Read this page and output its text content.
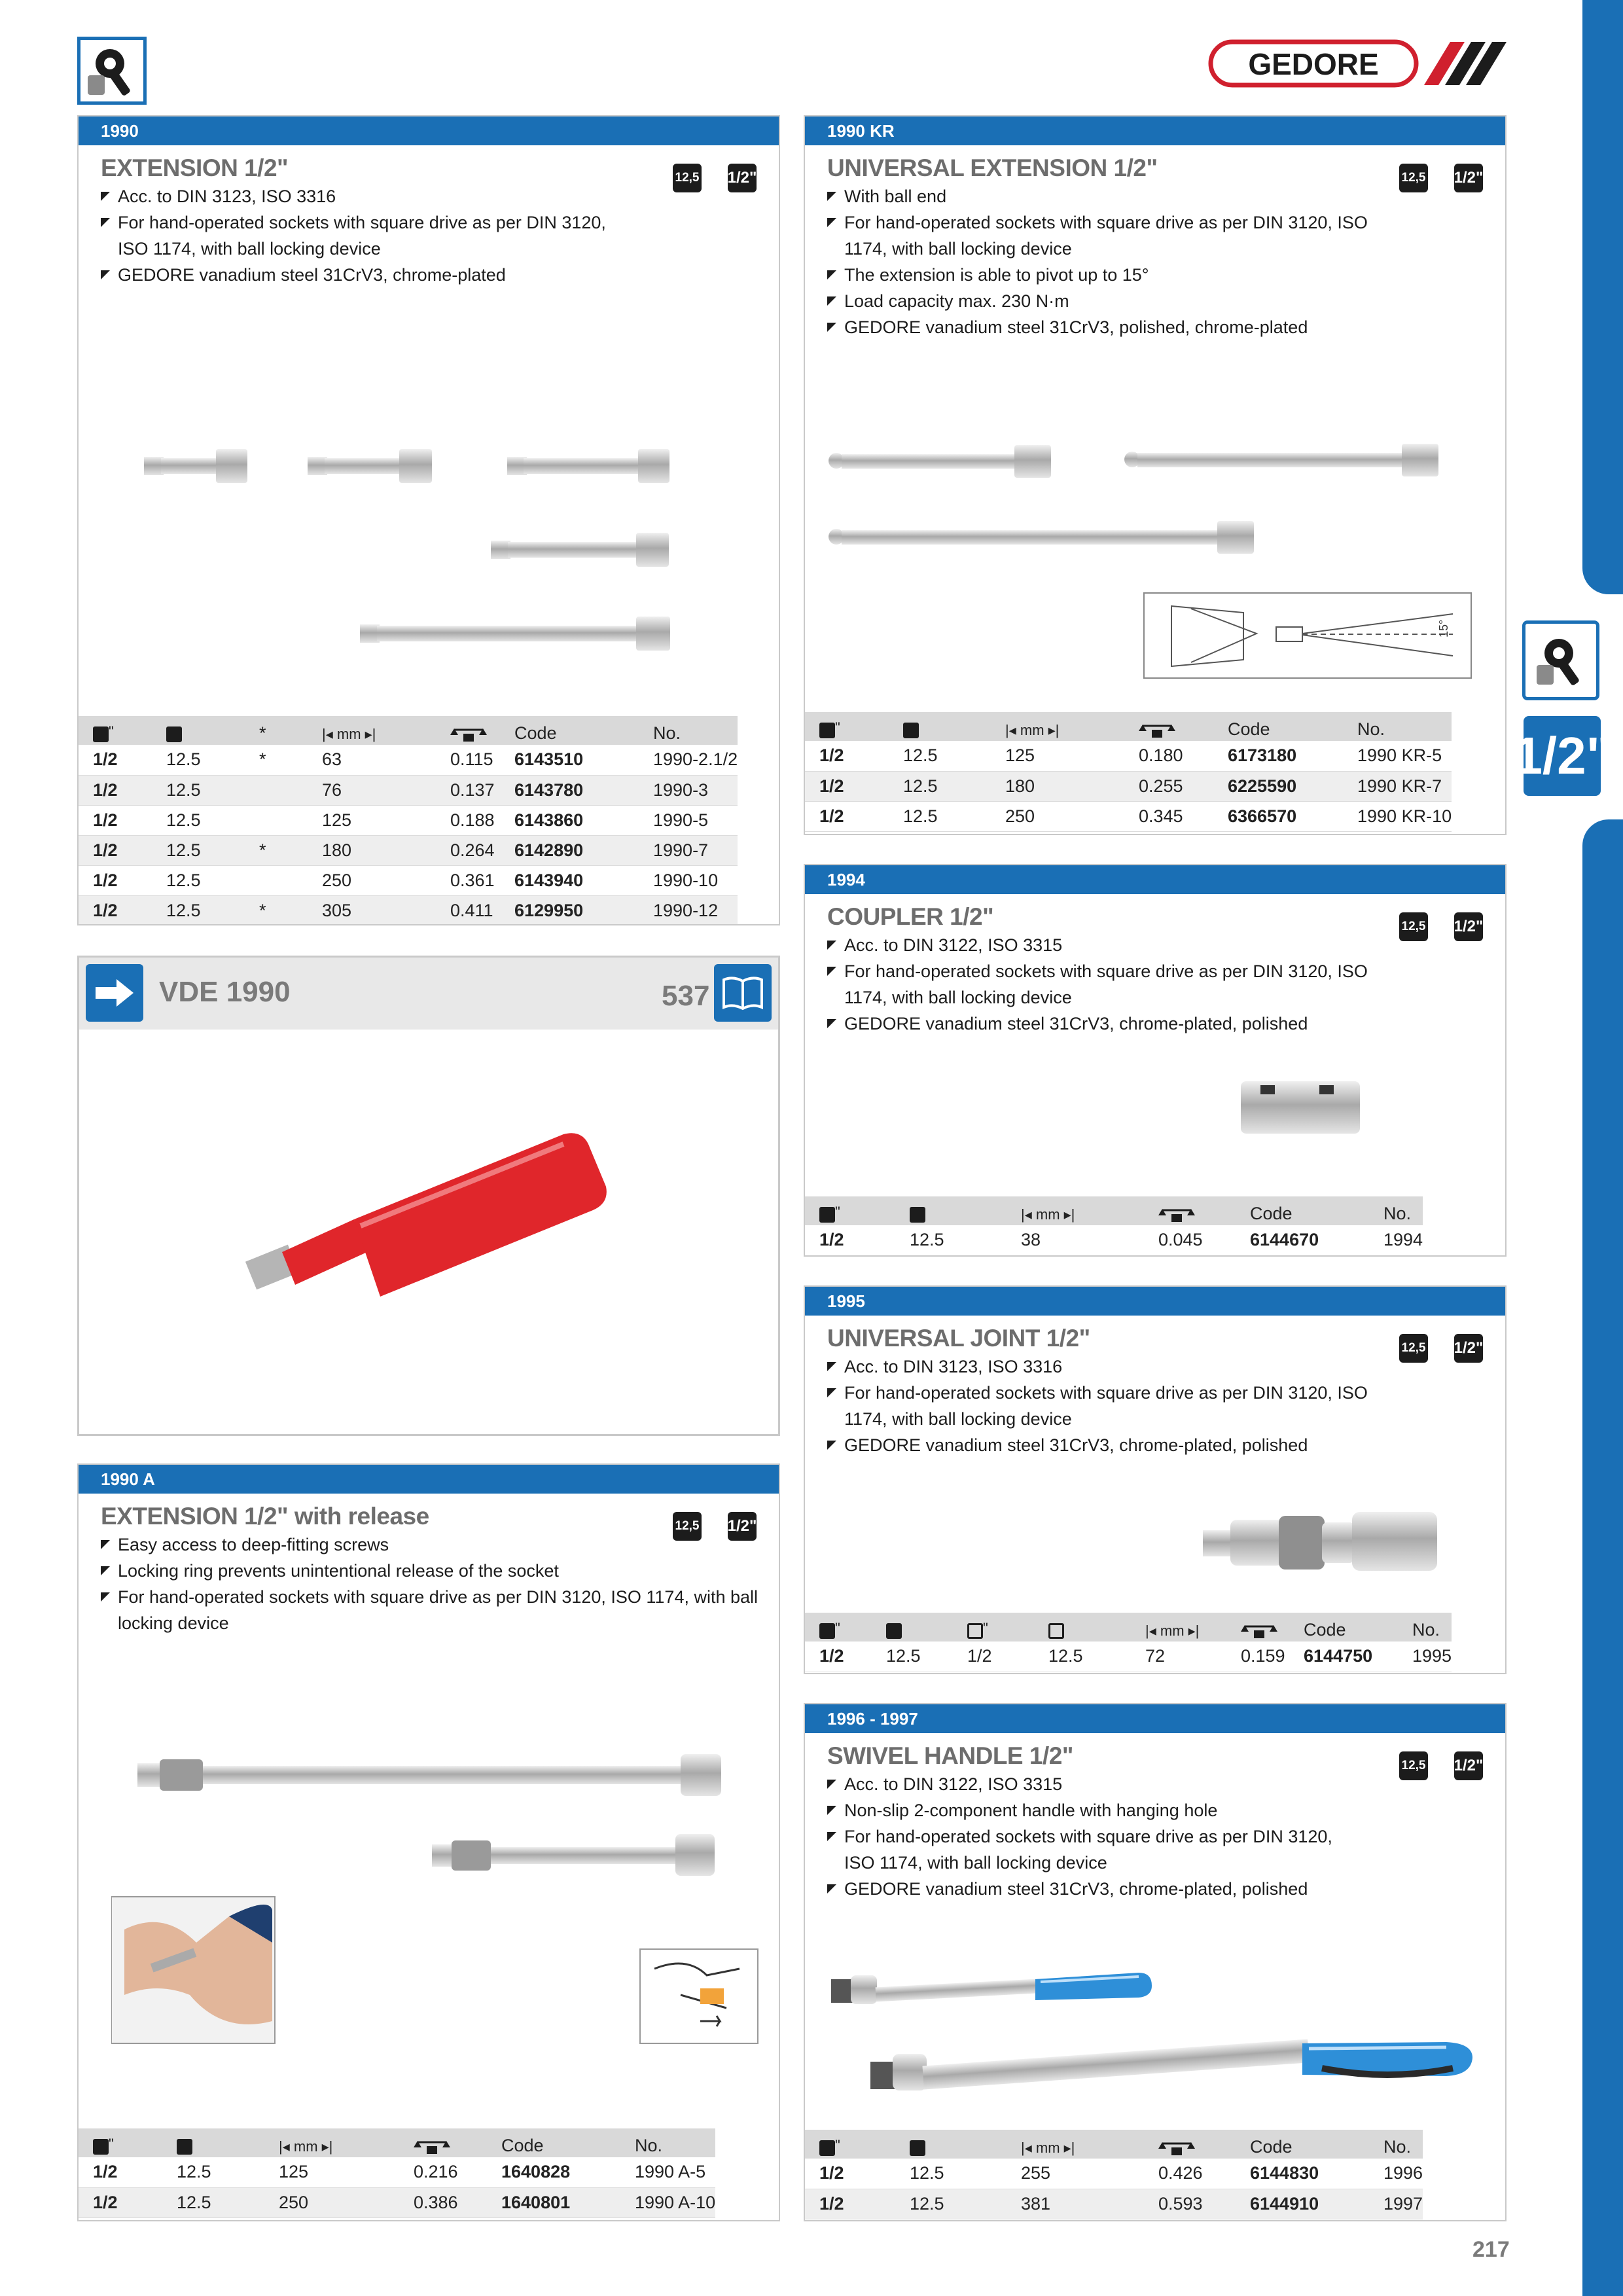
1/2"
GEDORE
1990
EXTENSION 1/2"
Acc. to DIN 3123, ISO 3316
For hand-operated sockets with square drive as per DIN 3120,
ISO 1174, with ball locking device
GEDORE vanadium steel 31CrV3, chrome-plated
12,5 1/2"
"		*	|◂ mm ▸|		Code	No.
1/2	12.5	*	63	0.115	6143510	1990-2.1/2
1/2	12.5		76	0.137	6143780	1990-3
1/2	12.5		125	0.188	6143860	1990-5
1/2	12.5	*	180	0.264	6142890	1990-7
1/2	12.5		250	0.361	6143940	1990-10
1/2	12.5	*	305	0.411	6129950	1990-12
1990 KR
UNIVERSAL EXTENSION 1/2"
With ball end
For hand-operated sockets with square drive as per DIN 3120, ISO
1174, with ball locking device
The extension is able to pivot up to 15°
Load capacity max. 230 N·m
GEDORE vanadium steel 31CrV3, polished, chrome-plated
12,5 1/2"
15°
"		|◂ mm ▸|		Code	No.
1/2	12.5	125	0.180	6173180	1990 KR-5
1/2	12.5	180	0.255	6225590	1990 KR-7
1/2	12.5	250	0.345	6366570	1990 KR-10
VDE 1990	537
1990 A
EXTENSION 1/2" with release
Easy access to deep-fitting screws
Locking ring prevents unintentional release of the socket
For hand-operated sockets with square drive as per DIN 3120, ISO 1174, with ball locking device
12,5 1/2"
"		|◂ mm ▸|		Code	No.
1/2	12.5	125	0.216	1640828	1990 A-5
1/2	12.5	250	0.386	1640801	1990 A-10
1994
COUPLER 1/2"
Acc. to DIN 3122, ISO 3315
For hand-operated sockets with square drive as per DIN 3120, ISO
1174, with ball locking device
GEDORE vanadium steel 31CrV3, chrome-plated, polished
12,5 1/2"
"		|◂ mm ▸|		Code	No.
1/2	12.5	38	0.045	6144670	1994
1995
UNIVERSAL JOINT 1/2"
Acc. to DIN 3123, ISO 3316
For hand-operated sockets with square drive as per DIN 3120, ISO
1174, with ball locking device
GEDORE vanadium steel 31CrV3, chrome-plated, polished
12,5 1/2"
"		"		|◂ mm ▸|		Code	No.
1/2	12.5	1/2	12.5	72	0.159	6144750	1995
1996 - 1997
SWIVEL HANDLE 1/2"
Acc. to DIN 3122, ISO 3315
Non-slip 2-component handle with hanging hole
For hand-operated sockets with square drive as per DIN 3120,
ISO 1174, with ball locking device
GEDORE vanadium steel 31CrV3, chrome-plated, polished
12,5 1/2"
"		|◂ mm ▸|		Code	No.
1/2	12.5	255	0.426	6144830	1996
1/2	12.5	381	0.593	6144910	1997
217
